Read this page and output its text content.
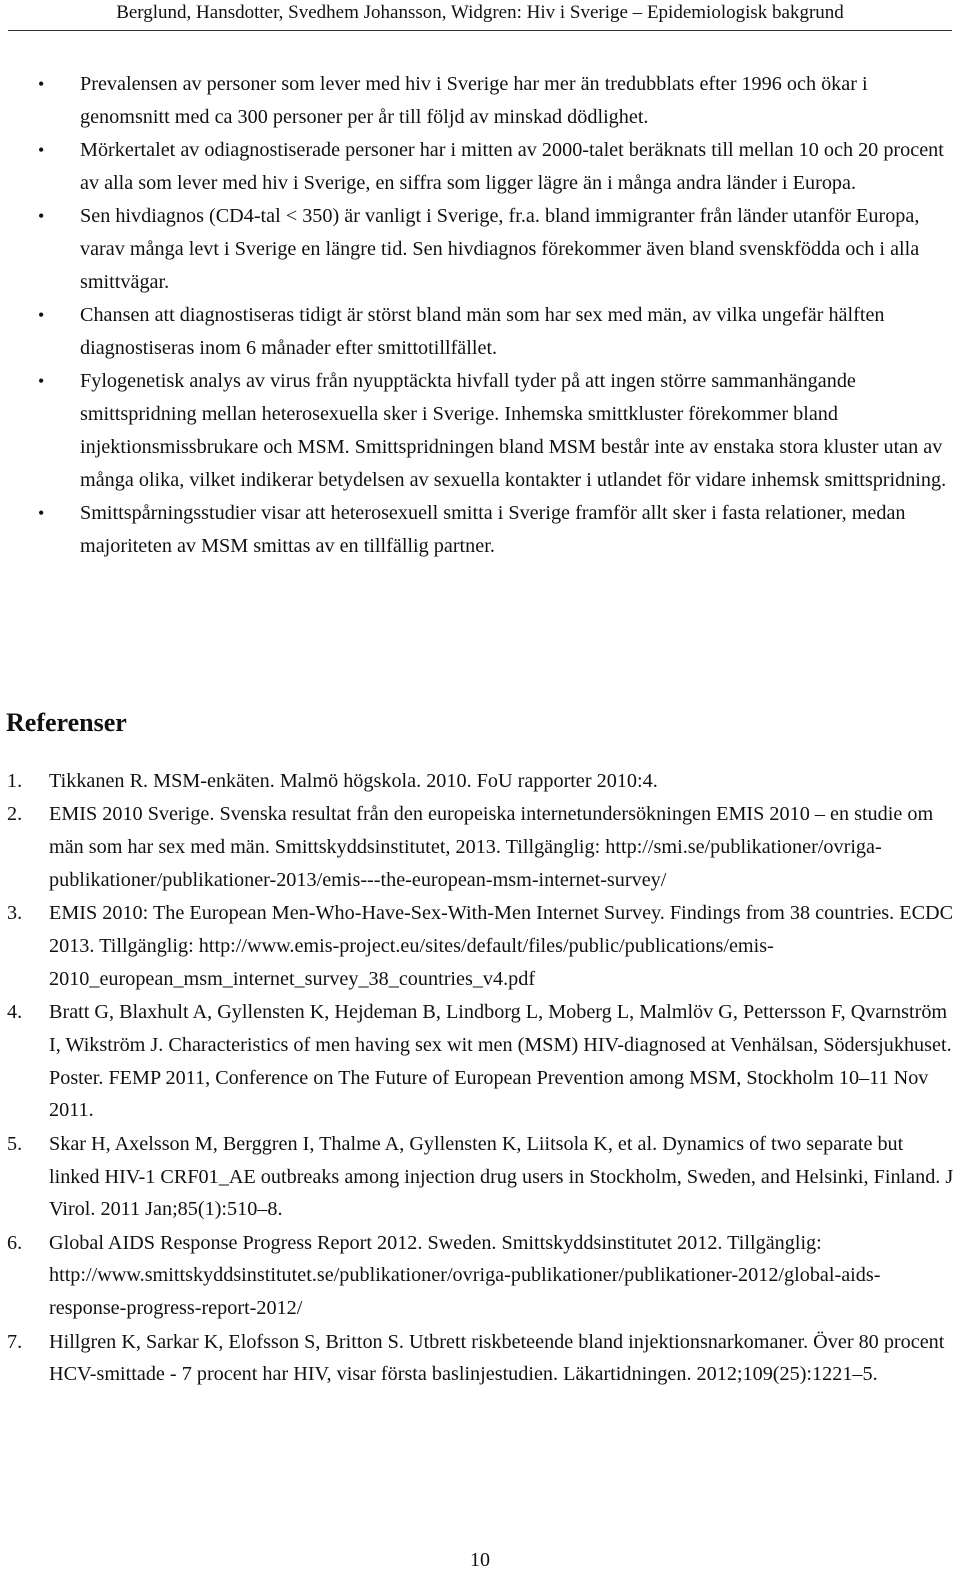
Berglund, Hansdotter, Svedhem Johansson, Widgren: Hiv i Sverige – Epidemiologisk bakgrund
• Prevalensen av personer som lever med hiv i Sverige har mer än tredubblats efter 1996 och ökar i genomsnitt med ca 300 personer per år till följd av minskad dödlighet.
• Mörkertalet av odiagnostiserade personer har i mitten av 2000-talet beräknats till mellan 10 och 20 procent av alla som lever med hiv i Sverige, en siffra som ligger lägre än i många andra länder i Europa.
• Sen hivdiagnos (CD4-tal < 350) är vanligt i Sverige, fr.a. bland immigranter från länder utanför Europa, varav många levt i Sverige en längre tid. Sen hivdiagnos förekommer även bland svenskfödda och i alla smittvägar.
• Chansen att diagnostiseras tidigt är störst bland män som har sex med män, av vilka ungefär hälften diagnostiseras inom 6 månader efter smittotillfället.
• Fylogenetisk analys av virus från nyupptäckta hivfall tyder på att ingen större sammanhängande smittspridning mellan heterosexuella sker i Sverige. Inhemska smittkluster förekommer bland injektionsmissbrukare och MSM. Smittspridningen bland MSM består inte av enstaka stora kluster utan av många olika, vilket indikerar betydelsen av sexuella kontakter i utlandet för vidare inhemsk smittspridning.
• Smittspårningsstudier visar att heterosexuell smitta i Sverige framför allt sker i fasta relationer, medan majoriteten av MSM smittas av en tillfällig partner.
Referenser
1. Tikkanen R. MSM-enkäten. Malmö högskola. 2010. FoU rapporter 2010:4.
2. EMIS 2010 Sverige. Svenska resultat från den europeiska internetundersökningen EMIS 2010 – en studie om män som har sex med män. Smittskyddsinstitutet, 2013. Tillgänglig: http://smi.se/publikationer/ovriga-publikationer/publikationer-2013/emis---the-european-msm-internet-survey/
3. EMIS 2010: The European Men-Who-Have-Sex-With-Men Internet Survey. Findings from 38 countries. ECDC 2013. Tillgänglig: http://www.emis-project.eu/sites/default/files/public/publications/emis-2010_european_msm_internet_survey_38_countries_v4.pdf
4. Bratt G, Blaxhult A, Gyllensten K, Hejdeman B, Lindborg L, Moberg L, Malmlöv G, Pettersson F, Qvarnström I, Wikström J. Characteristics of men having sex wit men (MSM) HIV-diagnosed at Venhälsan, Södersjukhuset. Poster. FEMP 2011, Conference on The Future of European Prevention among MSM, Stockholm 10–11 Nov 2011.
5. Skar H, Axelsson M, Berggren I, Thalme A, Gyllensten K, Liitsola K, et al. Dynamics of two separate but linked HIV-1 CRF01_AE outbreaks among injection drug users in Stockholm, Sweden, and Helsinki, Finland. J Virol. 2011 Jan;85(1):510–8.
6. Global AIDS Response Progress Report 2012. Sweden. Smittskyddsinstitutet 2012. Tillgänglig: http://www.smittskyddsinstitutet.se/publikationer/ovriga-publikationer/publikationer-2012/global-aids-response-progress-report-2012/
7. Hillgren K, Sarkar K, Elofsson S, Britton S. Utbrett riskbeteende bland injektionsnarkomaner. Över 80 procent HCV-smittade - 7 procent har HIV, visar första baslinjestudien. Läkartidningen. 2012;109(25):1221–5.
10
